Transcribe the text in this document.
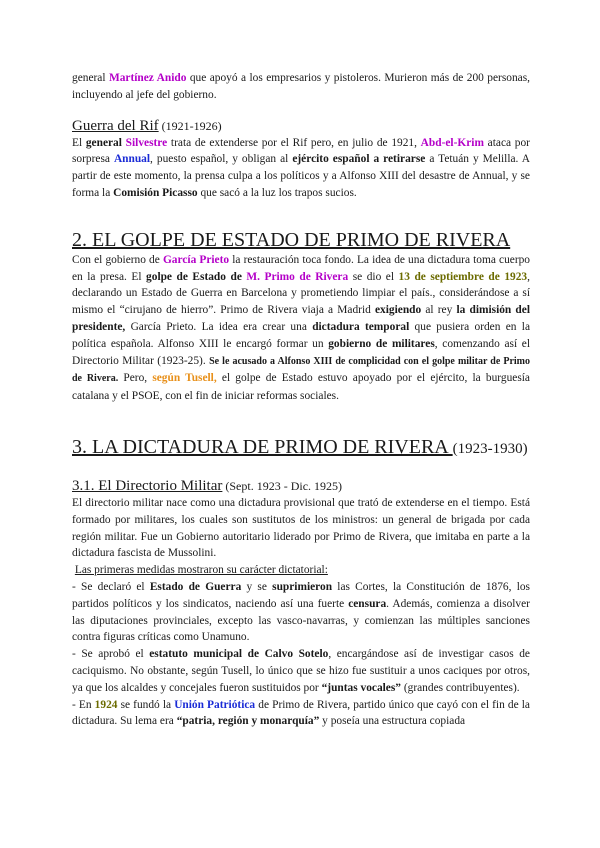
general Martínez Anido que apoyó a los empresarios y pistoleros. Murieron más de 200 personas, incluyendo al jefe del gobierno.

Guerra del Rif (1921-1926)

El general Silvestre trata de extenderse por el Rif pero, en julio de 1921, Abd-el-Krim ataca por sorpresa Annual, puesto español, y obligan al ejército español a retirarse a Tetuán y Melilla. A partir de este momento, la prensa culpa a los políticos y a Alfonso XIII del desastre de Annual, y se forma la Comisión Picasso que sacó a la luz los trapos sucios.

2. EL GOLPE DE ESTADO DE PRIMO DE RIVERA

Con el gobierno de García Prieto la restauración toca fondo. La idea de una dictadura toma cuerpo en la presa. El golpe de Estado de M. Primo de Rivera se dio el 13 de septiembre de 1923, declarando un Estado de Guerra en Barcelona y prometiendo limpiar el país., considerándose a sí mismo el “cirujano de hierro”. Primo de Rivera viaja a Madrid exigiendo al rey la dimisión del presidente, García Prieto. La idea era crear una dictadura temporal que pusiera orden en la política española. Alfonso XIII le encargó formar un gobierno de militares, comenzando así el Directorio Militar (1923-25). Se le acusado a Alfonso XIII de complicidad con el golpe militar de Primo de Rivera. Pero, según Tusell, el golpe de Estado estuvo apoyado por el ejército, la burguesía catalana y el PSOE, con el fin de iniciar reformas sociales.

3. LA DICTADURA DE PRIMO DE RIVERA (1923-1930)
3.1. El Directorio Militar (Sept. 1923 - Dic. 1925)

El directorio militar nace como una dictadura provisional que trató de extenderse en el tiempo. Está formado por militares, los cuales son sustitutos de los ministros: un general de brigada por cada región militar. Fue un Gobierno autoritario liderado por Primo de Rivera, que imitaba en parte a la dictadura fascista de Mussolini.

Las primeras medidas mostraron su carácter dictatorial:

- Se declaró el Estado de Guerra y se suprimieron las Cortes, la Constitución de 1876, los partidos políticos y los sindicatos, naciendo así una fuerte censura. Además, comienza a disolver las diputaciones provinciales, excepto las vasco-navarras, y comienzan las múltiples sanciones contra figuras críticas como Unamuno.

- Se aprobó el estatuto municipal de Calvo Sotelo, encargándose así de investigar casos de caciquismo. No obstante, según Tusell, lo único que se hizo fue sustituir a unos caciques por otros, ya que los alcaldes y concejales fueron sustituidos por “juntas vocales” (grandes contribuyentes).

- En 1924 se fundó la Unión Patriótica de Primo de Rivera, partido único que cayó con el fin de la dictadura. Su lema era “patria, región y monarquía” y poseía una estructura copiada
